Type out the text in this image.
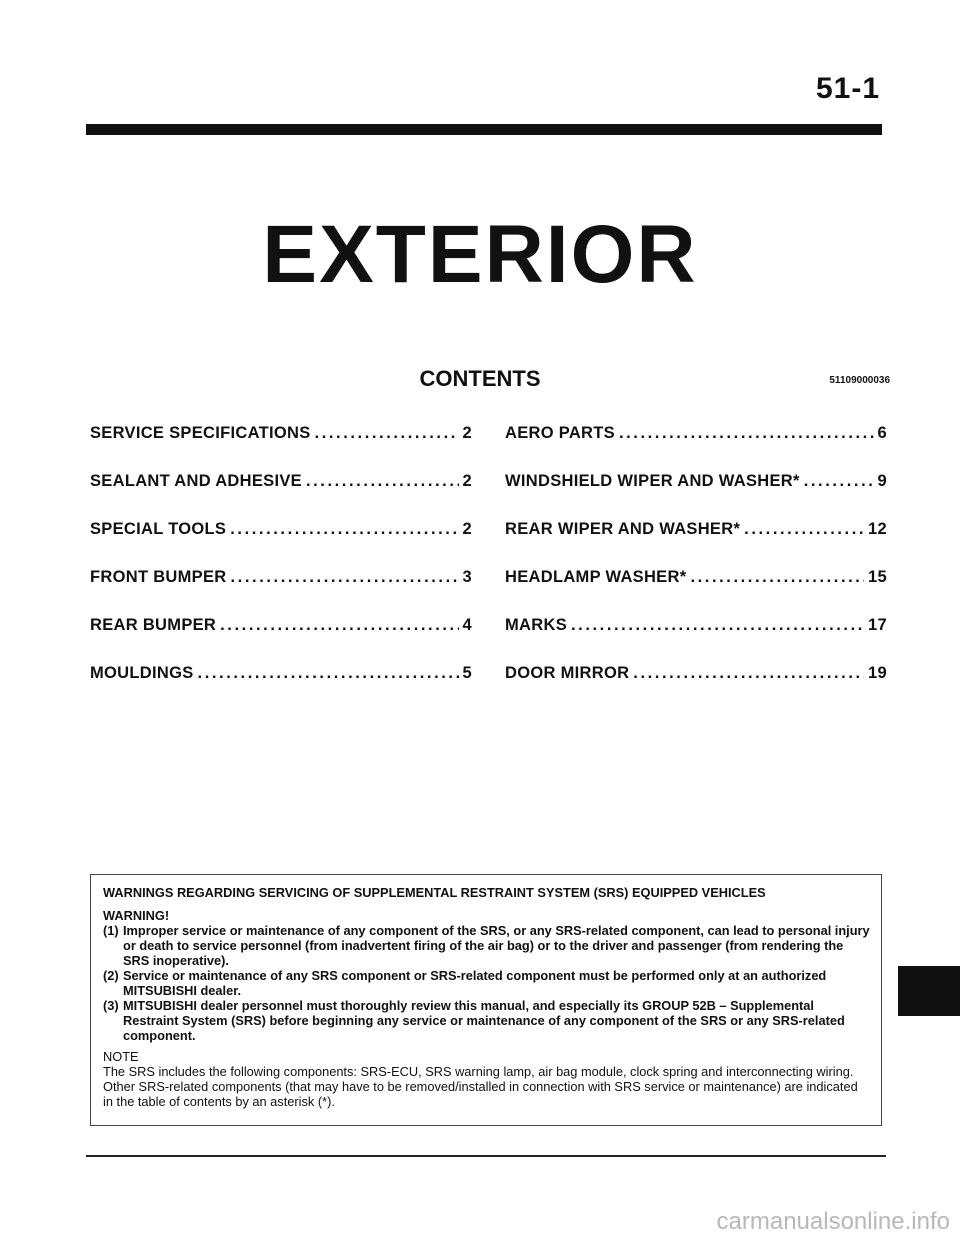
51-1
EXTERIOR
CONTENTS	51109000036
SERVICE SPECIFICATIONS . . .	2
SEALANT AND ADHESIVE . . .	2
SPECIAL TOOLS . . .	2
FRONT BUMPER . . .	3
REAR BUMPER . . .	4
MOULDINGS . . .	5
AERO PARTS . . .	6
WINDSHIELD WIPER AND WASHER* . . .	9
REAR WIPER AND WASHER* . . .	12
HEADLAMP WASHER* . . .	15
MARKS . . .	17
DOOR MIRROR . . .	19
WARNINGS REGARDING SERVICING OF SUPPLEMENTAL RESTRAINT SYSTEM (SRS) EQUIPPED VEHICLES
WARNING!
(1) Improper service or maintenance of any component of the SRS, or any SRS-related component, can lead to personal injury or death to service personnel (from inadvertent firing of the air bag) or to the driver and passenger (from rendering the SRS inoperative).
(2) Service or maintenance of any SRS component or SRS-related component must be performed only at an authorized MITSUBISHI dealer.
(3) MITSUBISHI dealer personnel must thoroughly review this manual, and especially its GROUP 52B – Supplemental Restraint System (SRS) before beginning any service or maintenance of any component of the SRS or any SRS-related component.
NOTE
The SRS includes the following components: SRS-ECU, SRS warning lamp, air bag module, clock spring and interconnecting wiring. Other SRS-related components (that may have to be removed/installed in connection with SRS service or maintenance) are indicated in the table of contents by an asterisk (*).
carmanualsonline.info
